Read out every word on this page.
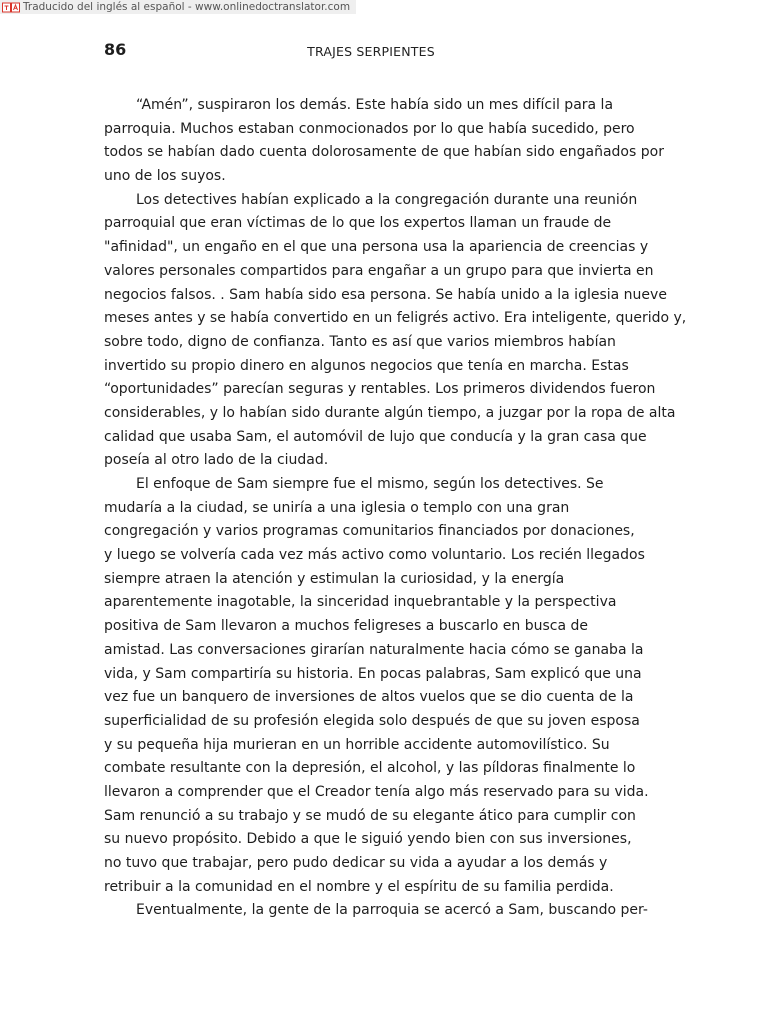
Traducido del inglés al español - www.onlinedoctranslator.com
86	TRAJES SERPIENTES
“Amén”, suspiraron los demás. Este había sido un mes difícil para la
parroquia. Muchos estaban conmocionados por lo que había sucedido, pero
todos se habían dado cuenta dolorosamente de que habían sido engañados por
uno de los suyos.
Los detectives habían explicado a la congregación durante una reunión
parroquial que eran víctimas de lo que los expertos llaman un fraude de
"afinidad", un engaño en el que una persona usa la apariencia de creencias y
valores personales compartidos para engañar a un grupo para que invierta en
negocios falsos. . Sam había sido esa persona. Se había unido a la iglesia nueve
meses antes y se había convertido en un feligrés activo. Era inteligente, querido y,
sobre todo, digno de confianza. Tanto es así que varios miembros habían
invertido su propio dinero en algunos negocios que tenía en marcha. Estas
“oportunidades” parecían seguras y rentables. Los primeros dividendos fueron
considerables, y lo habían sido durante algún tiempo, a juzgar por la ropa de alta
calidad que usaba Sam, el automóvil de lujo que conducía y la gran casa que
poseía al otro lado de la ciudad.
El enfoque de Sam siempre fue el mismo, según los detectives. Se
mudaría a la ciudad, se uniría a una iglesia o templo con una gran
congregación y varios programas comunitarios financiados por donaciones,
y luego se volvería cada vez más activo como voluntario. Los recién llegados
siempre atraen la atención y estimulan la curiosidad, y la energía
aparentemente inagotable, la sinceridad inquebrantable y la perspectiva
positiva de Sam llevaron a muchos feligreses a buscarlo en busca de
amistad. Las conversaciones girarían naturalmente hacia cómo se ganaba la
vida, y Sam compartiría su historia. En pocas palabras, Sam explicó que una
vez fue un banquero de inversiones de altos vuelos que se dio cuenta de la
superficialidad de su profesión elegida solo después de que su joven esposa
y su pequeña hija murieran en un horrible accidente automovilístico. Su
combate resultante con la depresión, el alcohol, y las píldoras finalmente lo
llevaron a comprender que el Creador tenía algo más reservado para su vida.
Sam renunció a su trabajo y se mudó de su elegante ático para cumplir con
su nuevo propósito. Debido a que le siguió yendo bien con sus inversiones,
no tuvo que trabajar, pero pudo dedicar su vida a ayudar a los demás y
retribuir a la comunidad en el nombre y el espíritu de su familia perdida.
Eventualmente, la gente de la parroquia se acercó a Sam, buscando per-
